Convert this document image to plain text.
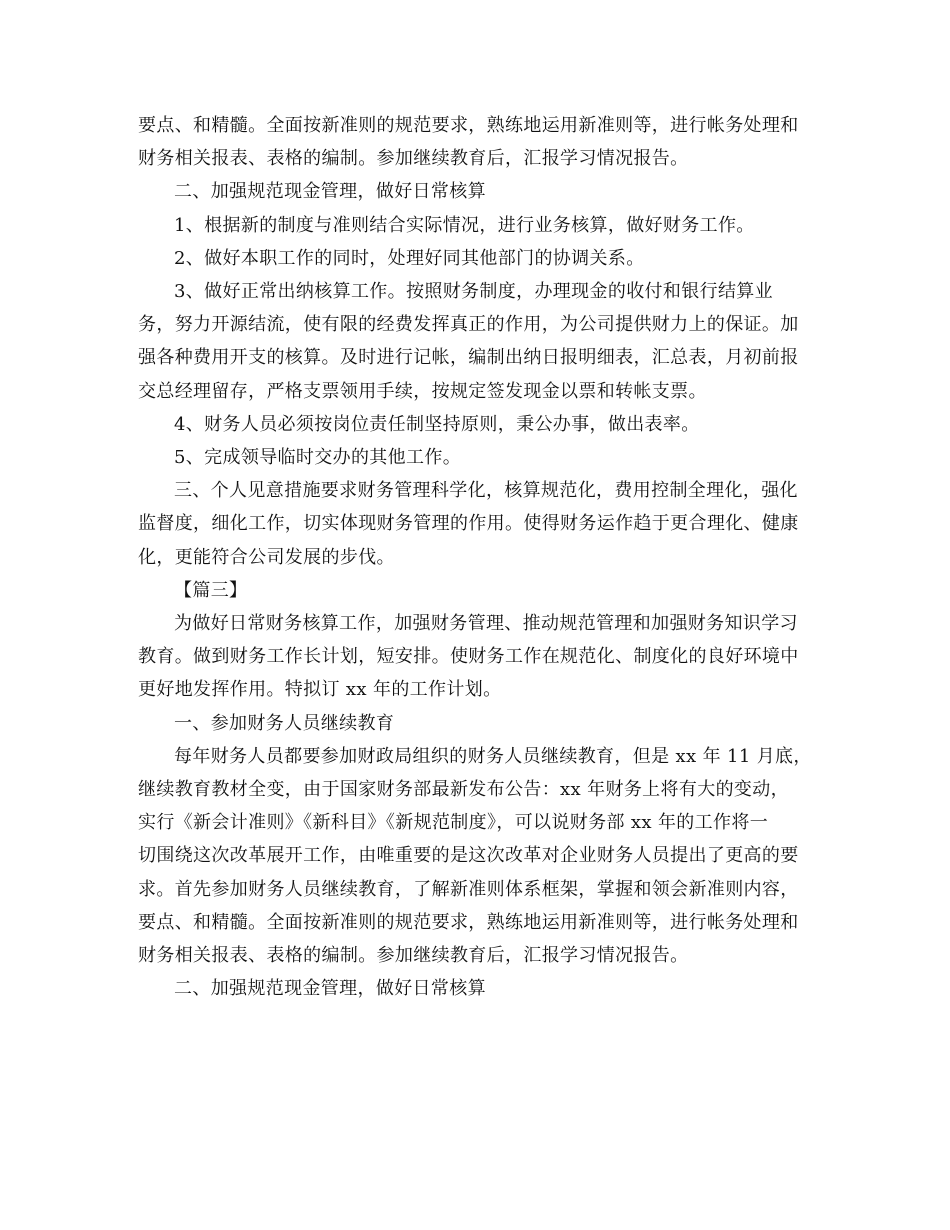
要点、和精髓。全面按新准则的规范要求，熟练地运用新准则等，进行帐务处理和

财务相关报表、表格的编制。参加继续教育后，汇报学习情况报告。

二、加强规范现金管理，做好日常核算

1、根据新的制度与准则结合实际情况，进行业务核算，做好财务工作。

2、做好本职工作的同时，处理好同其他部门的协调关系。

3、做好正常出纳核算工作。按照财务制度，办理现金的收付和银行结算业

务，努力开源结流，使有限的经费发挥真正的作用，为公司提供财力上的保证。加

强各种费用开支的核算。及时进行记帐，编制出纳日报明细表，汇总表，月初前报

交总经理留存，严格支票领用手续，按规定签发现金以票和转帐支票。

4、财务人员必须按岗位责任制坚持原则，秉公办事，做出表率。

5、完成领导临时交办的其他工作。

三、个人见意措施要求财务管理科学化，核算规范化，费用控制全理化，强化

监督度，细化工作，切实体现财务管理的作用。使得财务运作趋于更合理化、健康

化，更能符合公司发展的步伐。

【篇三】

为做好日常财务核算工作，加强财务管理、推动规范管理和加强财务知识学习

教育。做到财务工作长计划，短安排。使财务工作在规范化、制度化的良好环境中

更好地发挥作用。特拟订 xx 年的工作计划。

一、参加财务人员继续教育

每年财务人员都要参加财政局组织的财务人员继续教育，但是 xx 年 11 月底，

继续教育教材全变，由于国家财务部最新发布公告：xx 年财务上将有大的变动，

实行《新会计准则》《新科目》《新规范制度》，可以说财务部 xx 年的工作将一

切围绕这次改革展开工作，由唯重要的是这次改革对企业财务人员提出了更高的要

求。首先参加财务人员继续教育，了解新准则体系框架，掌握和领会新准则内容，

要点、和精髓。全面按新准则的规范要求，熟练地运用新准则等，进行帐务处理和

财务相关报表、表格的编制。参加继续教育后，汇报学习情况报告。

二、加强规范现金管理，做好日常核算
